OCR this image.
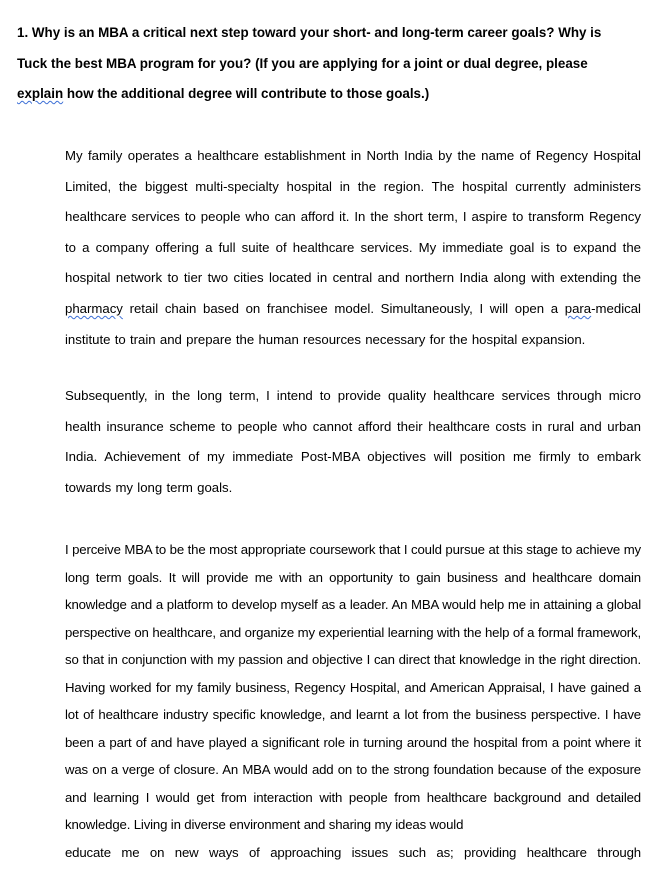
1. Why is an MBA a critical next step toward your short- and long-term career goals? Why is
Tuck the best MBA program for you? (If you are applying for a joint or dual degree, please
explain how the additional degree will contribute to those goals.)

My family operates a healthcare establishment in North India by the name of Regency Hospital Limited, the biggest multi-specialty hospital in the region. The hospital currently administers healthcare services to people who can afford it. In the short term, I aspire to transform Regency to a company offering a full suite of healthcare services. My immediate goal is to expand the hospital network to tier two cities located in central and northern India along with extending the pharmacy retail chain based on franchisee model. Simultaneously, I will open a para-medical institute to train and prepare the human resources necessary for the hospital expansion.

Subsequently, in the long term, I intend to provide quality healthcare services through micro health insurance scheme to people who cannot afford their healthcare costs in rural and urban India. Achievement of my immediate Post-MBA objectives will position me firmly to embark towards my long term goals.

I perceive MBA to be the most appropriate coursework that I could pursue at this stage to achieve my long term goals. It will provide me with an opportunity to gain business and healthcare domain knowledge and a platform to develop myself as a leader. An MBA would help me in attaining a global perspective on healthcare, and organize my experiential learning with the help of a formal framework, so that in conjunction with my passion and objective I can direct that knowledge in the right direction. Having worked for my family business, Regency Hospital, and American Appraisal, I have gained a lot of healthcare industry specific knowledge, and learnt a lot from the business perspective. I have been a part of and have played a significant role in turning around the hospital from a point where it was on a verge of closure. An MBA would add on to the strong foundation because of the exposure and learning I would get from interaction with people from healthcare background and detailed knowledge. Living in diverse environment and sharing my ideas would
educate me on new ways of approaching issues such as; providing healthcare through
